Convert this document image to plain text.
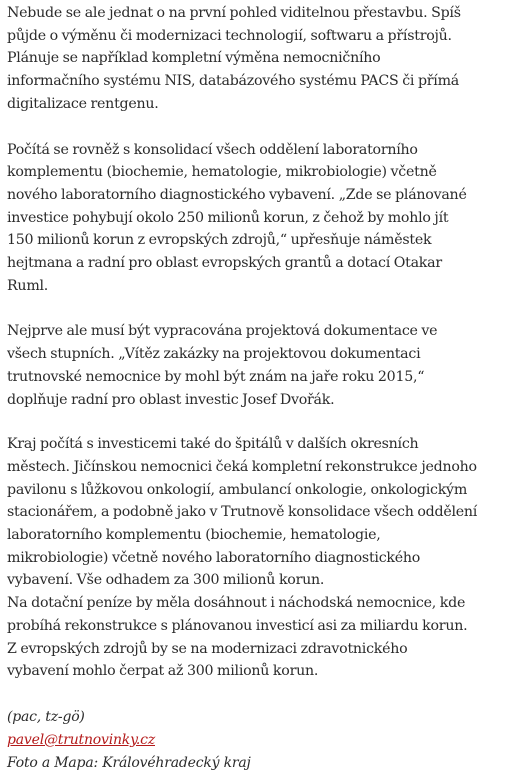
Nebude se ale jednat o na první pohled viditelnou přestavbu. Spíš
půjde o výměnu či modernizaci technologií, softwaru a přístrojů.
Plánuje se například kompletní výměna nemocničního
informačního systému NIS, databázového systému PACS či přímá
digitalizace rentgenu.

Počítá se rovněž s konsolidací všech oddělení laboratorního
komplementu (biochemie, hematologie, mikrobiologie) včetně
nového laboratorního diagnostického vybavení. „Zde se plánované
investice pohybují okolo 250 milionů korun, z čehož by mohlo jít
150 milionů korun z evropských zdrojů,“ upřesňuje náměstek
hejtmana a radní pro oblast evropských grantů a dotací Otakar
Ruml.

Nejprve ale musí být vypracována projektová dokumentace ve
všech stupních. „Vítěz zakázky na projektovou dokumentaci
trutnovské nemocnice by mohl být znám na jaře roku 2015,“
doplňuje radní pro oblast investic Josef Dvořák.

Kraj počítá s investicemi také do špitálů v dalších okresních
městech. Jičínskou nemocnici čeká kompletní rekonstrukce jednoho
pavilonu s lůžkovou onkologií, ambulancí onkologie, onkologickým
stacionářem, a podobně jako v Trutnově konsolidace všech oddělení
laboratorního komplementu (biochemie, hematologie,
mikrobiologie) včetně nového laboratorního diagnostického
vybavení. Vše odhadem za 300 milionů korun.
Na dotační peníze by měla dosáhnout i náchodská nemocnice, kde
probíhá rekonstrukce s plánovanou investicí asi za miliardu korun.
Z evropských zdrojů by se na modernizaci zdravotnického
vybavení mohlo čerpat až 300 milionů korun.

(pac, tz-gö)
pavel@trutnovinky.cz
Foto a Mapa: Královéhradecký kraj
